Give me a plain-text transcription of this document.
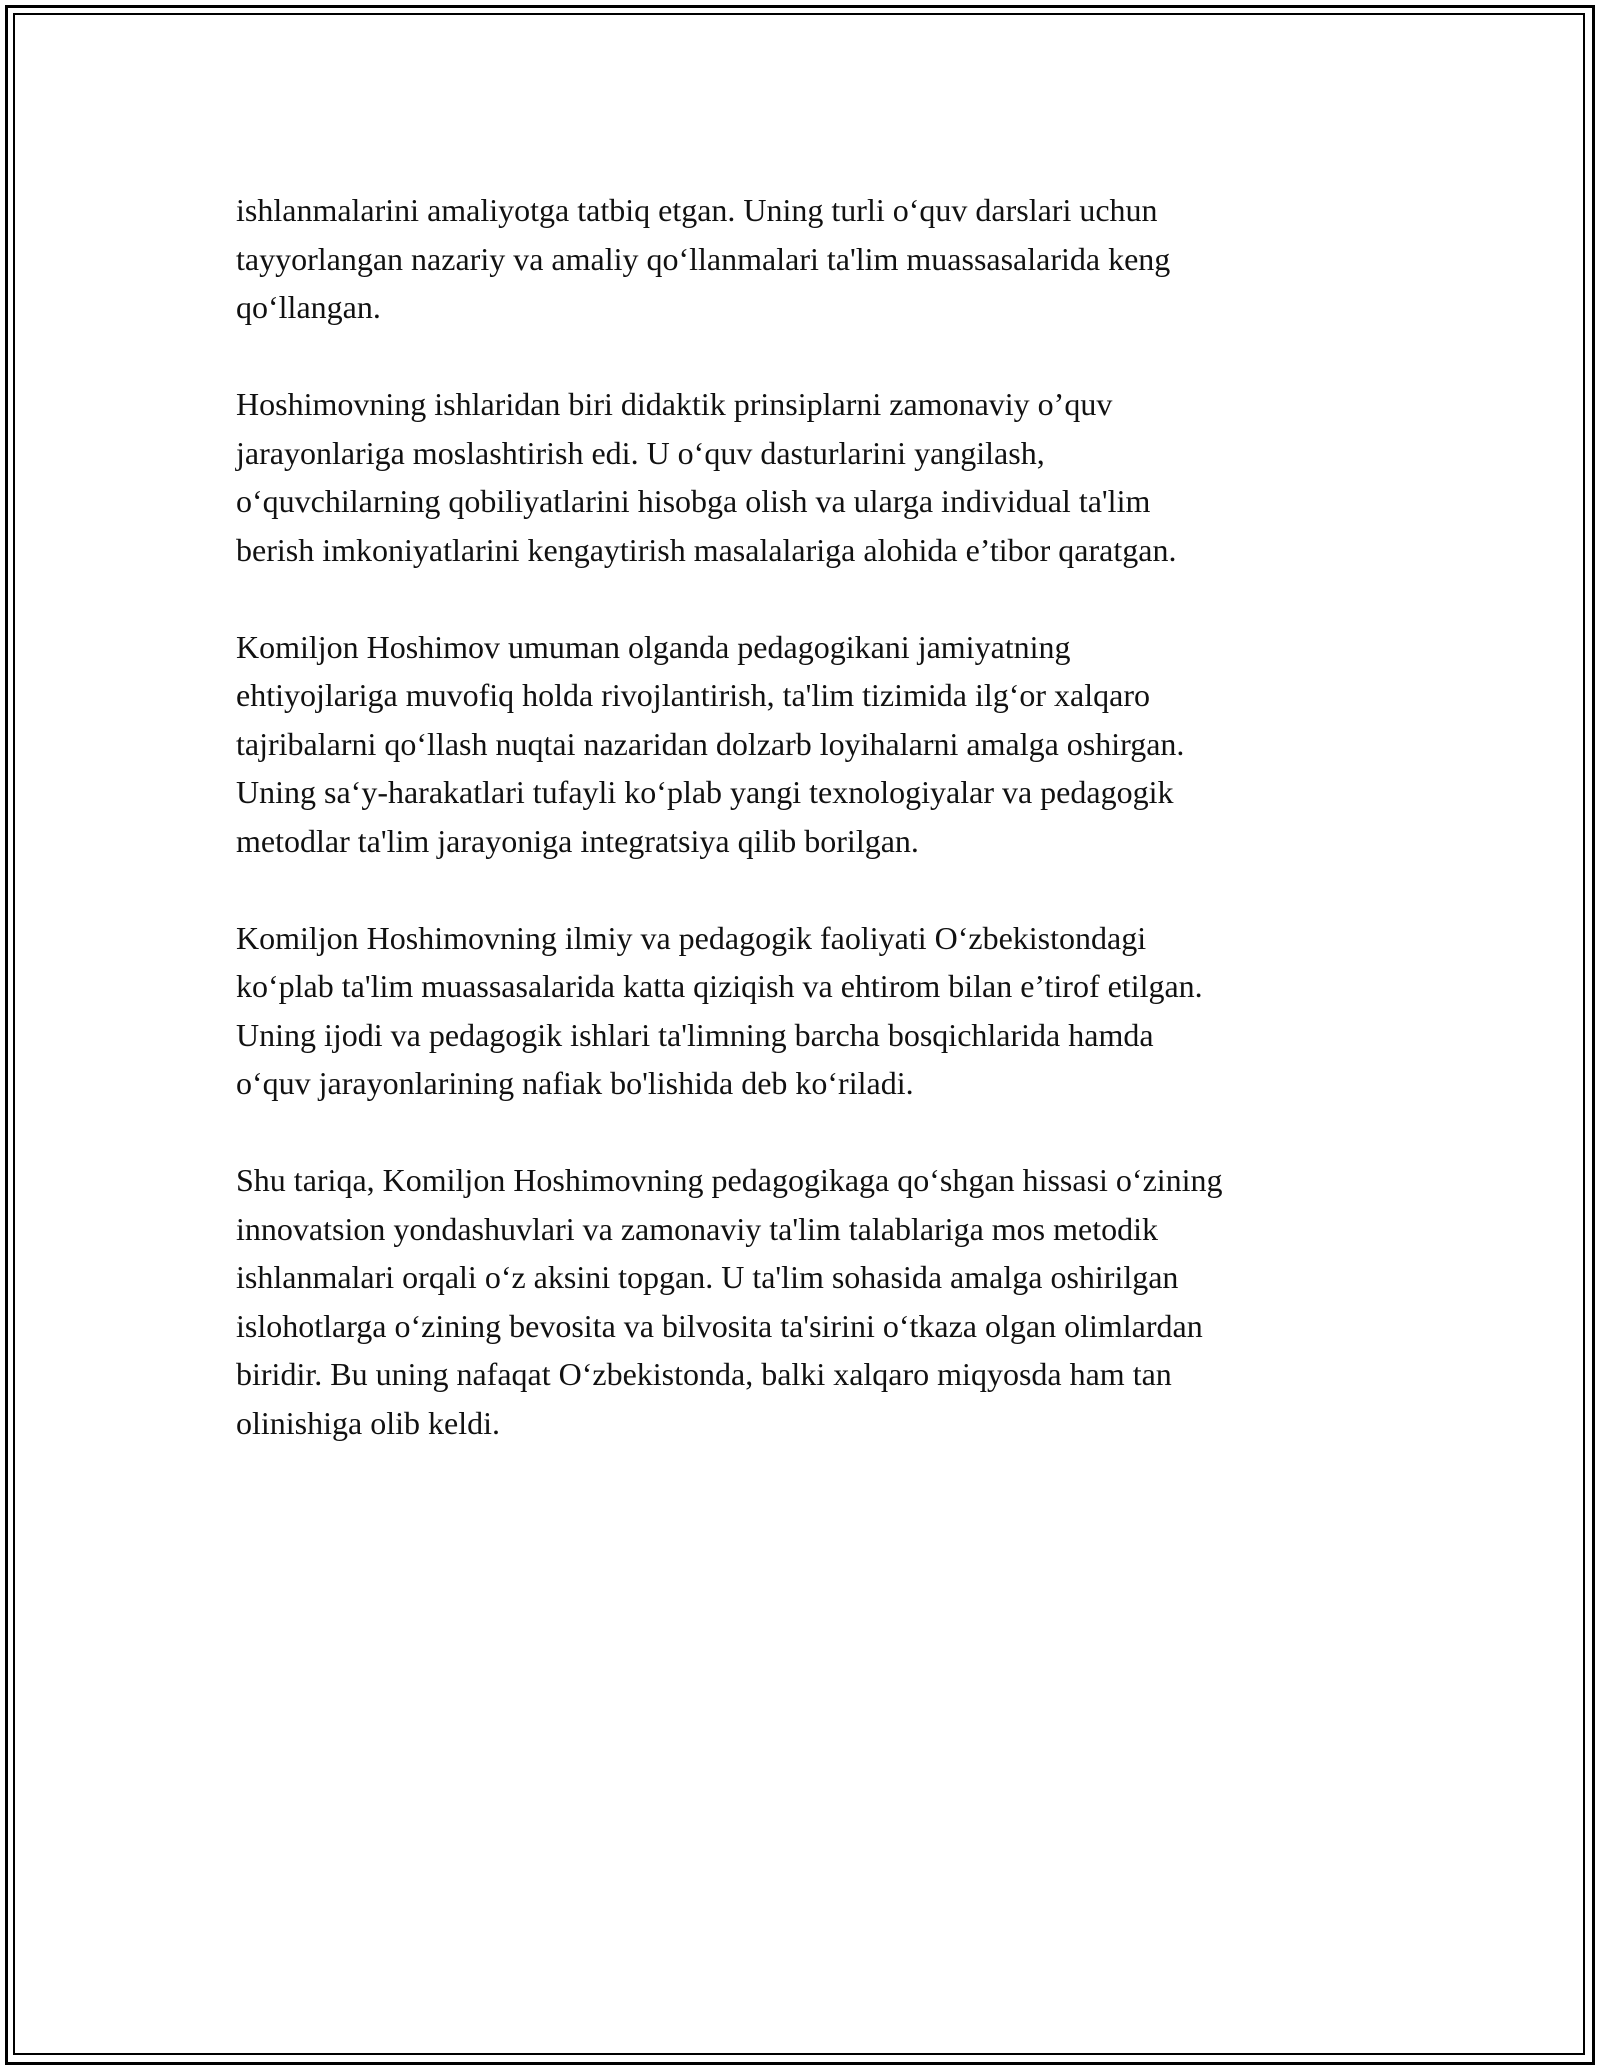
ishlanmalarini amaliyotga tatbiq etgan. Uning turli o‘quv darslari uchun
tayyorlangan nazariy va amaliy qo‘llanmalari ta'lim muassasalarida keng
qo‘llangan.

Hoshimovning ishlaridan biri didaktik prinsiplarni zamonaviy o’quv
jarayonlariga moslashtirish edi. U o‘quv dasturlarini yangilash,
o‘quvchilarning qobiliyatlarini hisobga olish va ularga individual ta'lim
berish imkoniyatlarini kengaytirish masalalariga alohida e’tibor qaratgan.

Komiljon Hoshimov umuman olganda pedagogikani jamiyatning
ehtiyojlariga muvofiq holda rivojlantirish, ta'lim tizimida ilg‘or xalqaro
tajribalarni qo‘llash nuqtai nazaridan dolzarb loyihalarni amalga oshirgan.
Uning sa‘y-harakatlari tufayli ko‘plab yangi texnologiyalar va pedagogik
metodlar ta'lim jarayoniga integratsiya qilib borilgan.

Komiljon Hoshimovning ilmiy va pedagogik faoliyati O‘zbekistondagi
ko‘plab ta'lim muassasalarida katta qiziqish va ehtirom bilan e’tirof etilgan.
Uning ijodi va pedagogik ishlari ta'limning barcha bosqichlarida hamda
o‘quv jarayonlarining nafiak bo'lishida deb ko‘riladi.

Shu tariqa, Komiljon Hoshimovning pedagogikaga qo‘shgan hissasi o‘zining
innovatsion yondashuvlari va zamonaviy ta'lim talablariga mos metodik
ishlanmalari orqali o‘z aksini topgan. U ta'lim sohasida amalga oshirilgan
islohotlarga o‘zining bevosita va bilvosita ta'sirini o‘tkaza olgan olimlardan
biridir. Bu uning nafaqat O‘zbekistonda, balki xalqaro miqyosda ham tan
olinishiga olib keldi.
